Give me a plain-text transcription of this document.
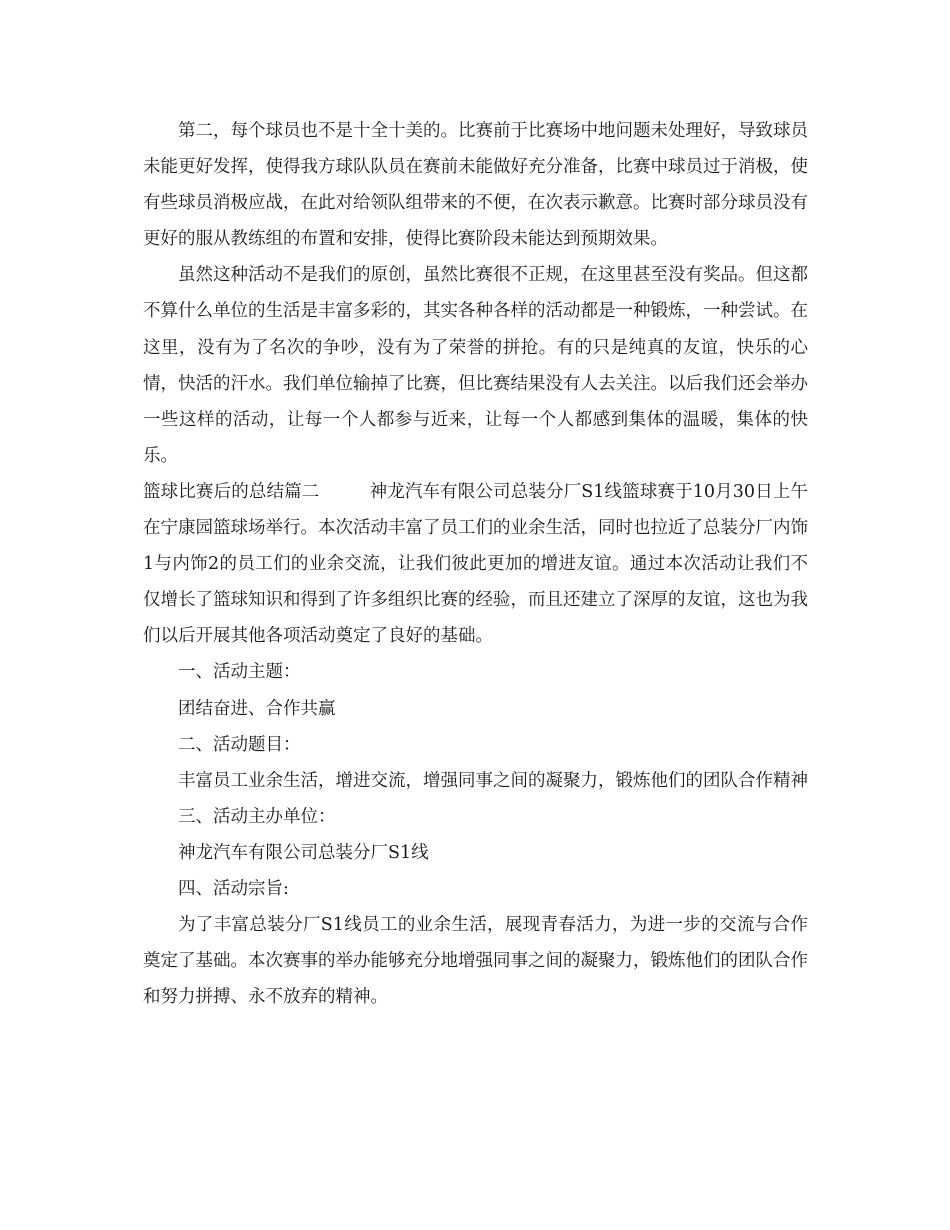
第二，每个球员也不是十全十美的。比赛前于比赛场中地问题未处理好，导致球员未能更好发挥，使得我方球队队员在赛前未能做好充分准备，比赛中球员过于消极，使有些球员消极应战，在此对给领队组带来的不便，在次表示歉意。比赛时部分球员没有更好的服从教练组的布置和安排，使得比赛阶段未能达到预期效果。

虽然这种活动不是我们的原创，虽然比赛很不正规，在这里甚至没有奖品。但这都不算什么单位的生活是丰富多彩的，其实各种各样的活动都是一种锻炼，一种尝试。在这里，没有为了名次的争吵，没有为了荣誉的拼抢。有的只是纯真的友谊，快乐的心情，快活的汗水。我们单位输掉了比赛，但比赛结果没有人去关注。以后我们还会举办一些这样的活动，让每一个人都参与近来，让每一个人都感到集体的温暖，集体的快乐。

篮球比赛后的总结篇二	神龙汽车有限公司总装分厂S1线篮球赛于10月30日上午在宁康园篮球场举行。本次活动丰富了员工们的业余生活，同时也拉近了总装分厂内饰1与内饰2的员工们的业余交流，让我们彼此更加的增进友谊。通过本次活动让我们不仅增长了篮球知识和得到了许多组织比赛的经验，而且还建立了深厚的友谊，这也为我们以后开展其他各项活动奠定了良好的基础。

一、活动主题：

团结奋进、合作共赢

二、活动题目：

丰富员工业余生活，增进交流，增强同事之间的凝聚力，锻炼他们的团队合作精神

三、活动主办单位：

神龙汽车有限公司总装分厂S1线

四、活动宗旨:

为了丰富总装分厂S1线员工的业余生活，展现青春活力，为进一步的交流与合作奠定了基础。本次赛事的举办能够充分地增强同事之间的凝聚力，锻炼他们的团队合作和努力拼搏、永不放弃的精神。
